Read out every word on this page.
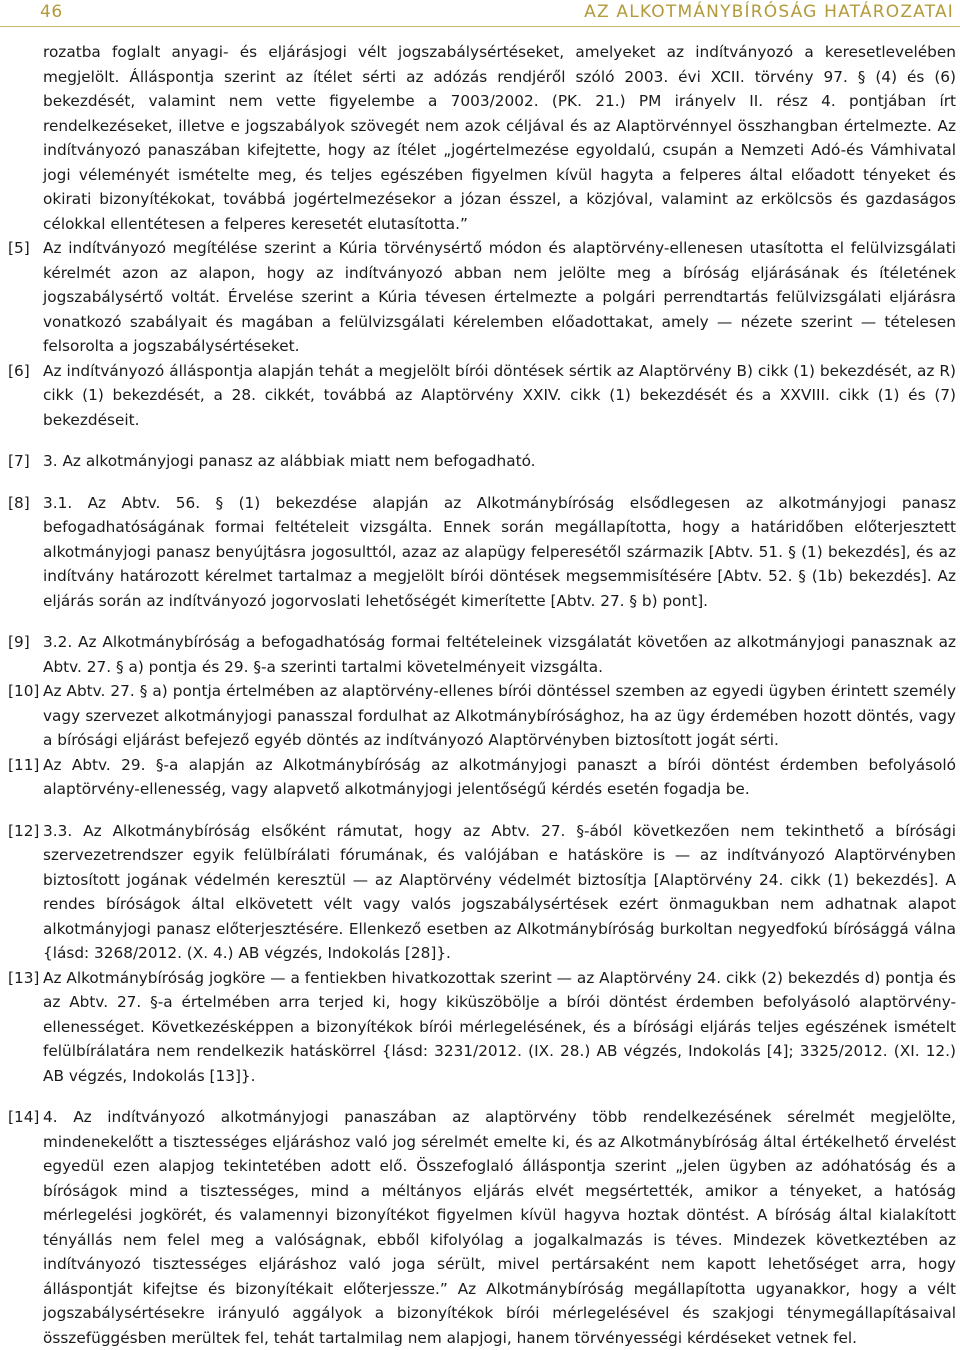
46	AZ ALKOTMÁNYBÍRÓSÁG HATÁROZATAI
rozatba foglalt anyagi- és eljárásjogi vélt jogszabálysértéseket, amelyeket az indítványozó a keresetlevelében megjelölt. Álláspontja szerint az ítélet sérti az adózás rendjéről szóló 2003. évi XCII. törvény 97. § (4) és (6) bekezdését, valamint nem vette figyelembe a 7003/2002. (PK. 21.) PM irányelv II. rész 4. pontjában írt rendelkezéseket, illetve e jogszabályok szövegét nem azok céljával és az Alaptörvénnyel összhangban értelmezte. Az indítványozó panaszában kifejtette, hogy az ítélet „jogértelmezése egyoldalú, csupán a Nemzeti Adó-és Vámhivatal jogi véleményét ismételte meg, és teljes egészében figyelmen kívül hagyta a felperes által előadott tényeket és okirati bizonyítékokat, továbbá jogértelmezésekor a józan ésszel, a közjóval, valamint az erkölcsös és gazdaságos célokkal ellentétesen a felperes keresetét elutasította.”
[5] Az indítványozó megítélése szerint a Kúria törvénysértő módon és alaptörvény-ellenesen utasította el felülvizsgálati kérelmét azon az alapon, hogy az indítványozó abban nem jelölte meg a bíróság eljárásának és ítéletének jogszabálysértő voltát. Érvelése szerint a Kúria tévesen értelmezte a polgári perrendtartás felülvizsgálati eljárásra vonatkozó szabályait és magában a felülvizsgálati kérelemben előadottakat, amely — nézete szerint — tételesen felsorolta a jogszabálysértéseket.
[6] Az indítványozó álláspontja alapján tehát a megjelölt bírói döntések sértik az Alaptörvény B) cikk (1) bekezdését, az R) cikk (1) bekezdését, a 28. cikkét, továbbá az Alaptörvény XXIV. cikk (1) bekezdését és a XXVIII. cikk (1) és (7) bekezdéseit.
[7] 3. Az alkotmányjogi panasz az alábbiak miatt nem befogadható.
[8] 3.1. Az Abtv. 56. § (1) bekezdése alapján az Alkotmánybíróság elsődlegesen az alkotmányjogi panasz befogadhatóságának formai feltételeit vizsgálta. Ennek során megállapította, hogy a határidőben előterjesztett alkotmányjogi panasz benyújtásra jogosulttól, azaz az alapügy felperesétől származik [Abtv. 51. § (1) bekezdés], és az indítvány határozott kérelmet tartalmaz a megjelölt bírói döntések megsemmisítésére [Abtv. 52. § (1b) bekezdés]. Az eljárás során az indítványozó jogorvoslati lehetőségét kimerítette [Abtv. 27. § b) pont].
[9] 3.2. Az Alkotmánybíróság a befogadhatóság formai feltételeinek vizsgálatát követően az alkotmányjogi panasznak az Abtv. 27. § a) pontja és 29. §-a szerinti tartalmi követelményeit vizsgálta.
[10] Az Abtv. 27. § a) pontja értelmében az alaptörvény-ellenes bírói döntéssel szemben az egyedi ügyben érintett személy vagy szervezet alkotmányjogi panasszal fordulhat az Alkotmánybírósághoz, ha az ügy érdemében hozott döntés, vagy a bírósági eljárást befejező egyéb döntés az indítványozó Alaptörvényben biztosított jogát sérti.
[11] Az Abtv. 29. §-a alapján az Alkotmánybíróság az alkotmányjogi panaszt a bírói döntést érdemben befolyásoló alaptörvény-ellenesség, vagy alapvető alkotmányjogi jelentőségű kérdés esetén fogadja be.
[12] 3.3. Az Alkotmánybíróság elsőként rámutat, hogy az Abtv. 27. §-ából következően nem tekinthető a bírósági szervezetrendszer egyik felülbírálati fórumának, és valójában e hatásköre is — az indítványozó Alaptörvényben biztosított jogának védelmén keresztül — az Alaptörvény védelmét biztosítja [Alaptörvény 24. cikk (1) bekezdés]. A rendes bíróságok által elkövetett vélt vagy valós jogszabálysértések ezért önmagukban nem adhatnak alapot alkotmányjogi panasz előterjesztésére. Ellenkező esetben az Alkotmánybíróság burkoltan negyedfokú bírósággá válna {lásd: 3268/2012. (X. 4.) AB végzés, Indokolás [28]}.
[13] Az Alkotmánybíróság jogköre — a fentiekben hivatkozottak szerint — az Alaptörvény 24. cikk (2) bekezdés d) pontja és az Abtv. 27. §-a értelmében arra terjed ki, hogy kiküszöbölje a bírói döntést érdemben befolyásoló alaptörvény-ellenességet. Következésképpen a bizonyítékok bírói mérlegelésének, és a bírósági eljárás teljes egészének ismételt felülbírálatára nem rendelkezik hatáskörrel {lásd: 3231/2012. (IX. 28.) AB végzés, Indokolás [4]; 3325/2012. (XI. 12.) AB végzés, Indokolás [13]}.
[14] 4. Az indítványozó alkotmányjogi panaszában az alaptörvény több rendelkezésének sérelmét megjelölte, mindenekelőtt a tisztességes eljáráshoz való jog sérelmét emelte ki, és az Alkotmánybíróság által értékelhető érvelést egyedül ezen alapjog tekintetében adott elő. Összefoglaló álláspontja szerint „jelen ügyben az adóhatóság és a bíróságok mind a tisztességes, mind a méltányos eljárás elvét megsértették, amikor a tényeket, a hatóság mérlegelési jogkörét, és valamennyi bizonyítékot figyelmen kívül hagyva hoztak döntést. A bíróság által kialakított tényállás nem felel meg a valóságnak, ebből kifolyólag a jogalkalmazás is téves. Mindezek következtében az indítványozó tisztességes eljáráshoz való joga sérült, mivel pertársaként nem kapott lehetőséget arra, hogy álláspontját kifejtse és bizonyítékait előterjessze.” Az Alkotmánybíróság megállapította ugyanakkor, hogy a vélt jogszabálysértésekre irányuló aggályok a bizonyítékok bírói mérlegelésével és szakjogi ténymegállapításaival összefüggésben merültek fel, tehát tartalmilag nem alapjogi, hanem törvényességi kérdéseket vetnek fel.
